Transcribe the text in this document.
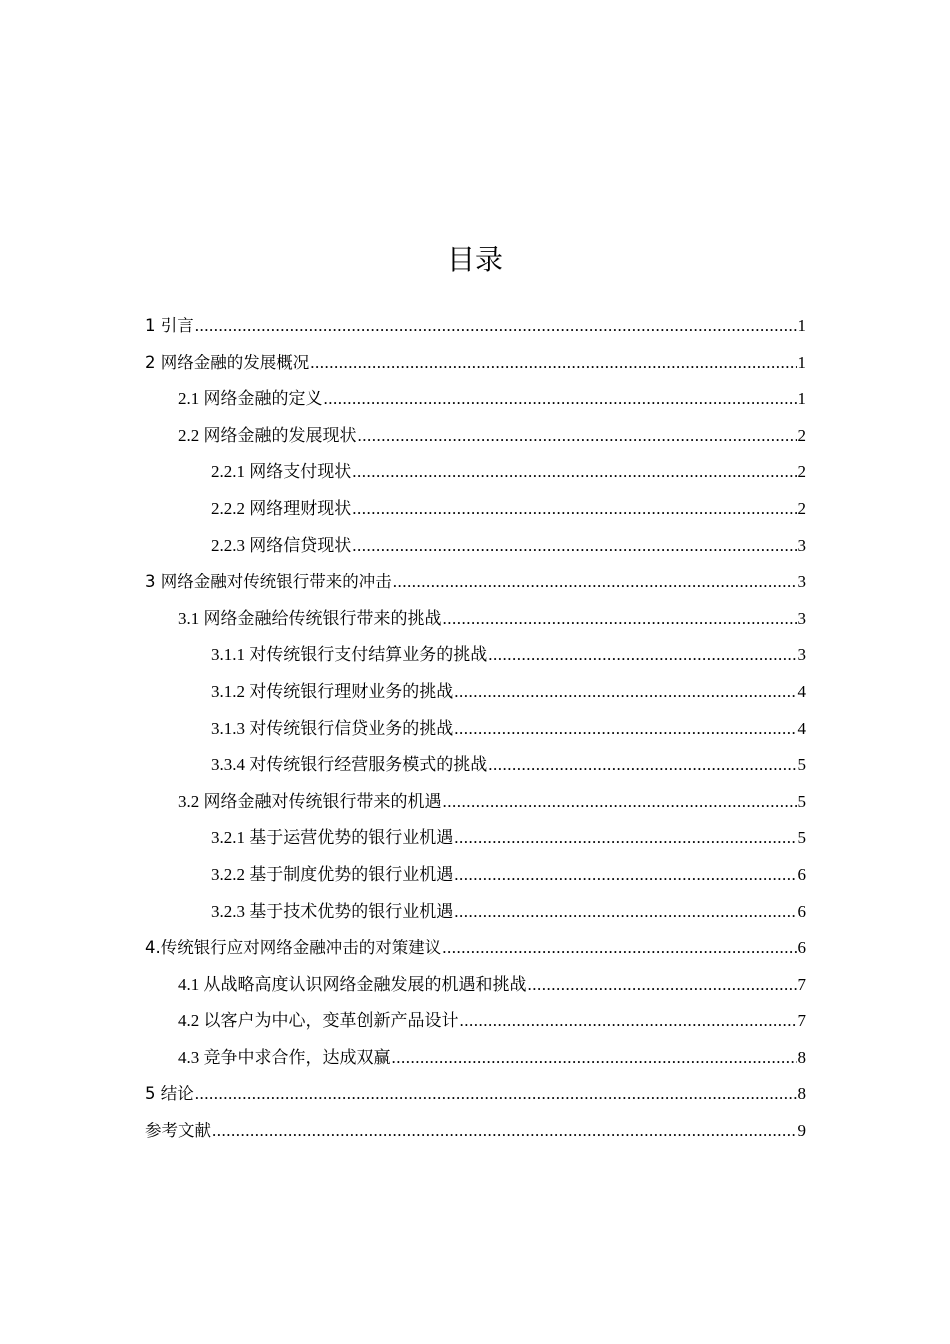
目录
1 引言 .....	1
2 网络金融的发展概况 .....	1
2.1 网络金融的定义 .....	1
2.2 网络金融的发展现状 .....	2
2.2.1 网络支付现状 .....	2
2.2.2 网络理财现状 .....	2
2.2.3 网络信贷现状 .....	3
3 网络金融对传统银行带来的冲击 .....	3
3.1 网络金融给传统银行带来的挑战 .....	3
3.1.1 对传统银行支付结算业务的挑战 .....	3
3.1.2 对传统银行理财业务的挑战 .....	4
3.1.3 对传统银行信贷业务的挑战 .....	4
3.3.4 对传统银行经营服务模式的挑战 .....	5
3.2 网络金融对传统银行带来的机遇 .....	5
3.2.1 基于运营优势的银行业机遇 .....	5
3.2.2 基于制度优势的银行业机遇 .....	6
3.2.3 基于技术优势的银行业机遇 .....	6
4.传统银行应对网络金融冲击的对策建议 .....	6
4.1 从战略高度认识网络金融发展的机遇和挑战 .....	7
4.2 以客户为中心，变革创新产品设计 .....	7
4.3 竞争中求合作，达成双赢 .....	8
5 结论 .....	8
参考文献 .....	9
